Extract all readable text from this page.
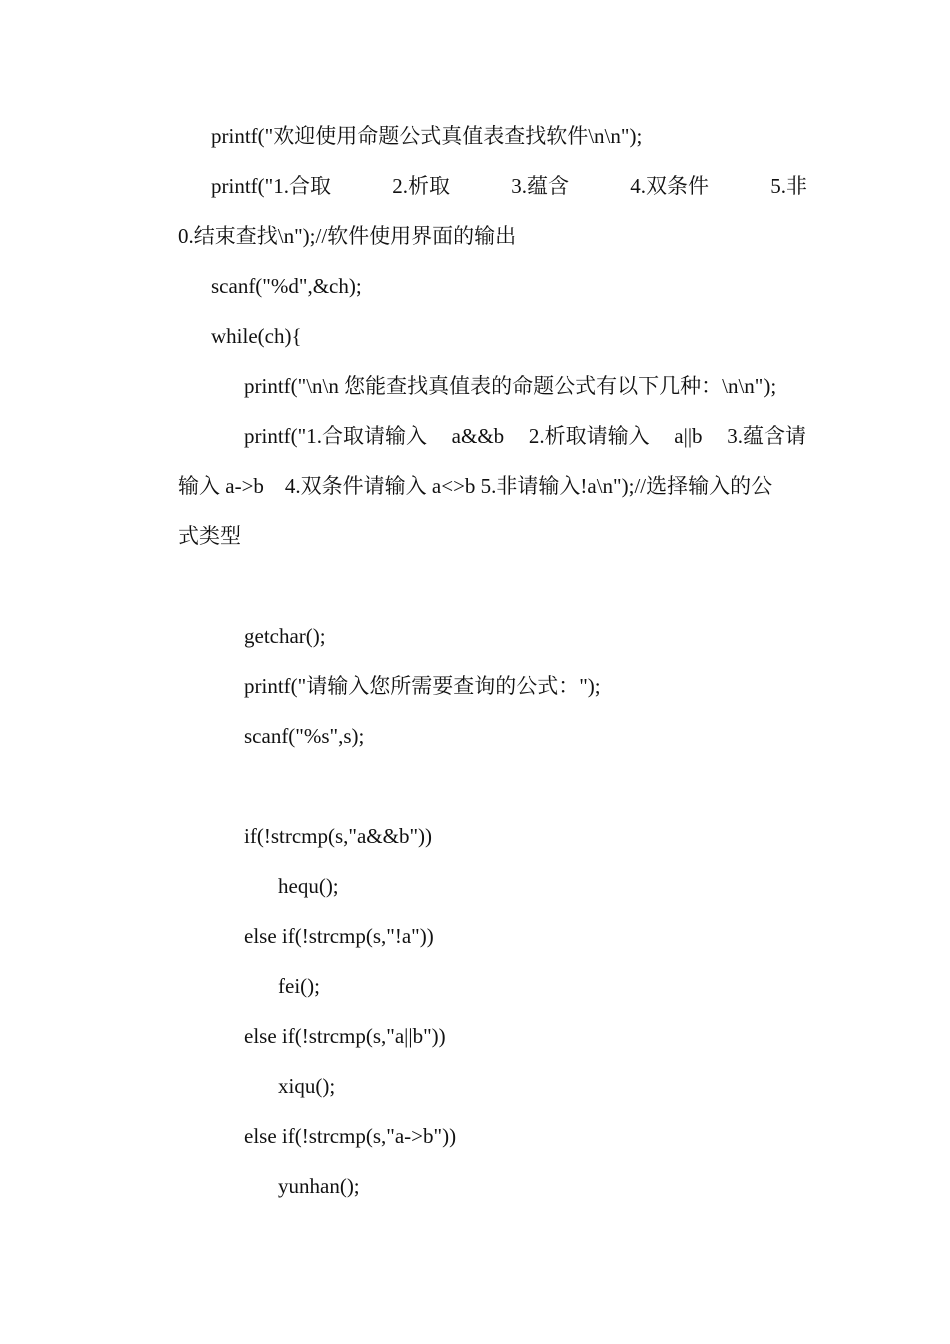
printf("欢迎使用命题公式真值表查找软件\n\n");
printf("1.合取	2.析取	3.蕴含	4.双条件	5.非
0.结束查找\n");//软件使用界面的输出
scanf("%d",&ch);
while(ch){
printf("\n\n 您能查找真值表的命题公式有以下几种：\n\n");
printf("1.合取请输入 a&&b 2.析取请输入 a||b 3.蕴含请
输入 a->b    4.双条件请输入 a<>b 5.非请输入!a\n");//选择输入的公
式类型
getchar();
printf("请输入您所需要查询的公式：");
scanf("%s",s);
if(!strcmp(s,"a&&b"))
hequ();
else if(!strcmp(s,"!a"))
fei();
else if(!strcmp(s,"a||b"))
xiqu();
else if(!strcmp(s,"a->b"))
yunhan();
